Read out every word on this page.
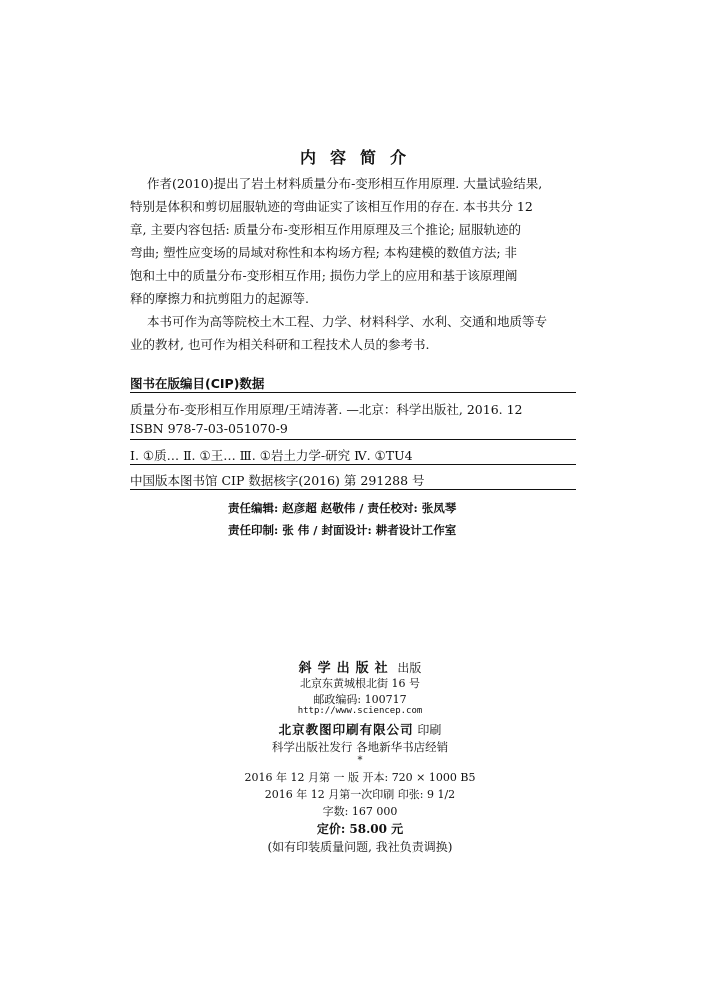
内容简介
作者(2010)提出了岩土材料质量分布-变形相互作用原理. 大量试验结果,
特别是体积和剪切屈服轨迹的弯曲证实了该相互作用的存在. 本书共分 12
章, 主要内容包括: 质量分布-变形相互作用原理及三个推论; 屈服轨迹的
弯曲; 塑性应变场的局域对称性和本构场方程; 本构建模的数值方法; 非
饱和土中的质量分布-变形相互作用; 损伤力学上的应用和基于该原理阐
释的摩擦力和抗剪阻力的起源等.
本书可作为高等院校土木工程、力学、材料科学、水利、交通和地质等专
业的教材, 也可作为相关科研和工程技术人员的参考书.
图书在版编目(CIP)数据
质量分布-变形相互作用原理/王靖涛著. —北京：科学出版社, 2016. 12
ISBN 978-7-03-051070-9
Ⅰ. ①质… Ⅱ. ①王… Ⅲ. ①岩土力学-研究 Ⅳ. ①TU4
中国版本图书馆 CIP 数据核字(2016) 第 291288 号
责任编辑: 赵彦超 赵敬伟 / 责任校对: 张凤琴
责任印制: 张 伟 / 封面设计: 耕者设计工作室
斜学出版社 出版
北京东黄城根北街 16 号
邮政编码: 100717
http://www.sciencep.com
北京教图印刷有限公司 印刷
科学出版社发行 各地新华书店经销
*
2016 年 12 月第 一 版 开本: 720 × 1000 B5
2016 年 12 月第一次印刷 印张: 9 1/2
字数: 167 000
定价: 58.00 元
(如有印装质量问题, 我社负责调换)
